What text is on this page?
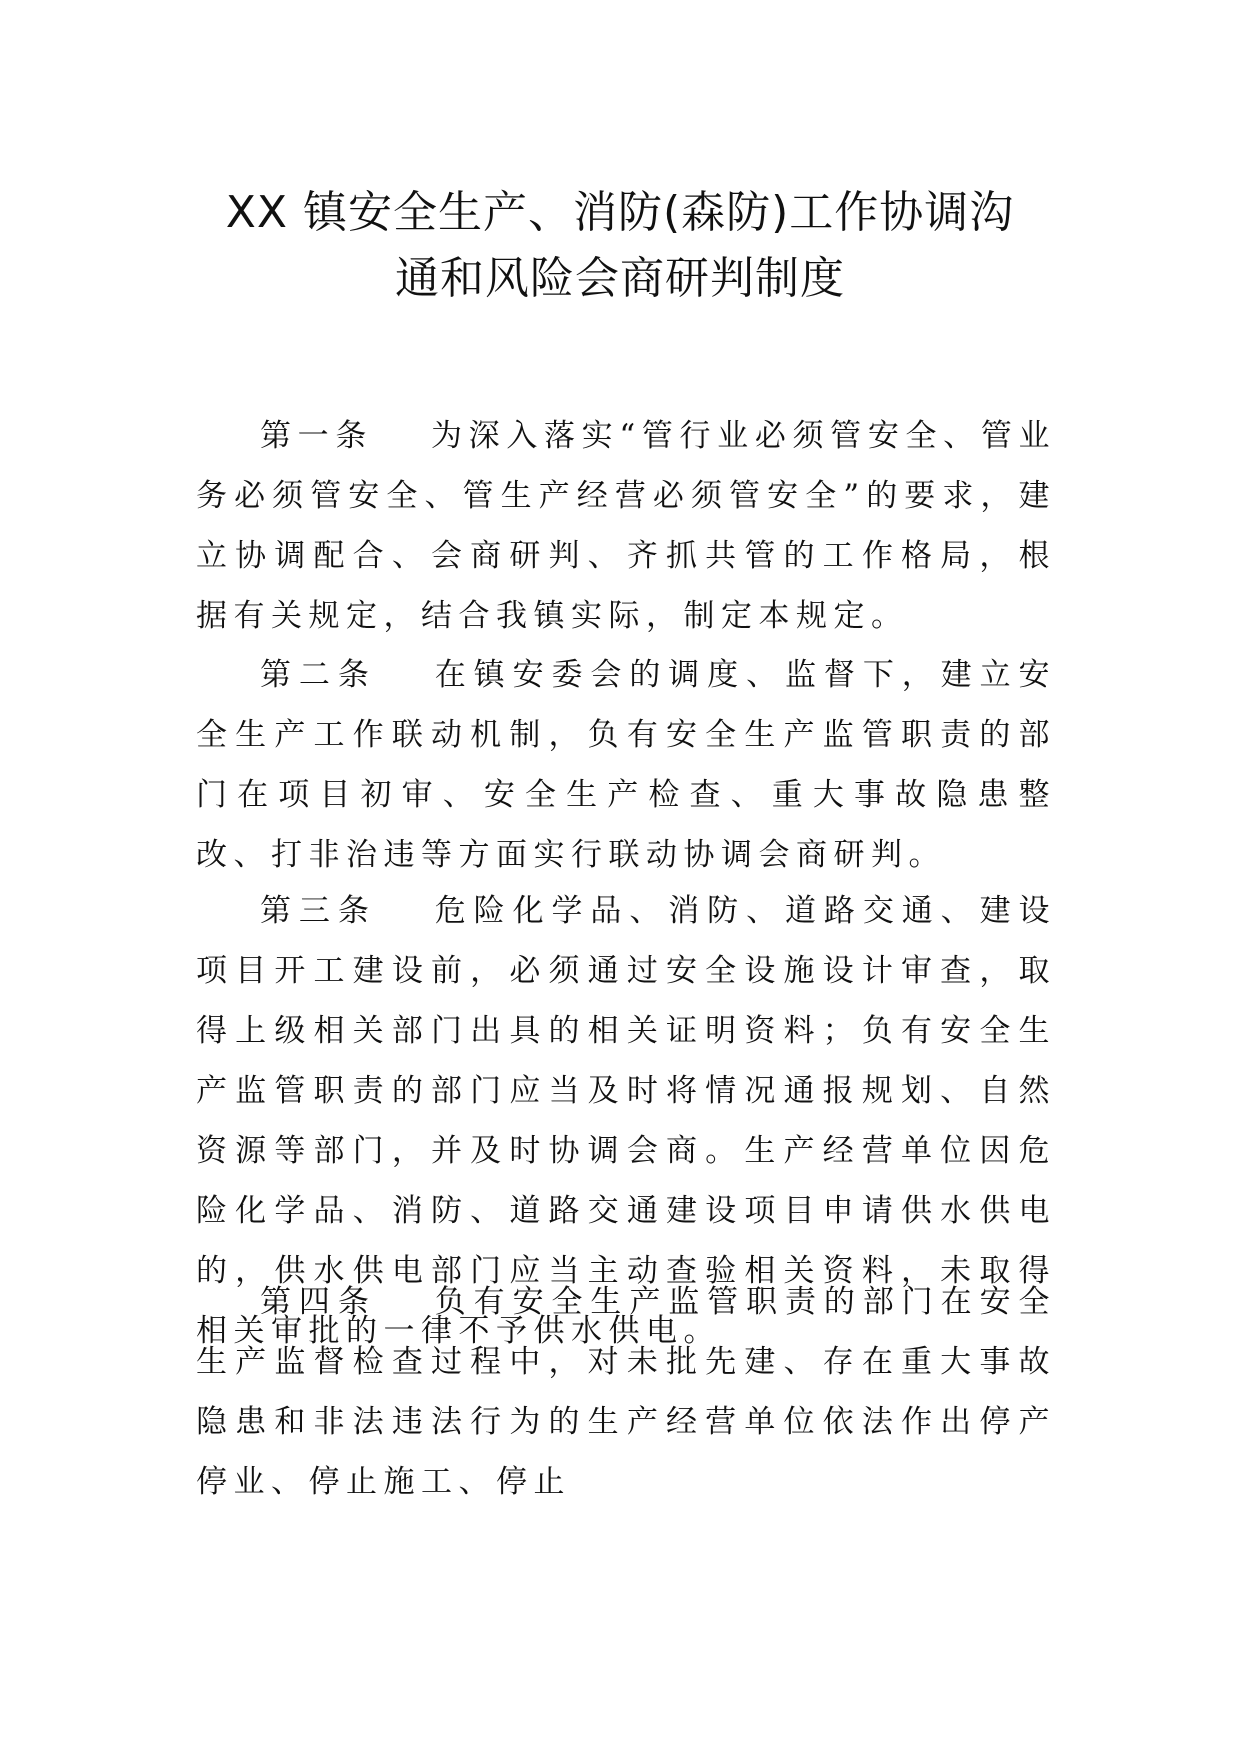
XX 镇安全生产、消防(森防)工作协调沟
通和风险会商研判制度

第一条 为深入落实“管行业必须管安全、管业务必须管安全、管生产经营必须管安全”的要求，建立协调配合、会商研判、齐抓共管的工作格局，根据有关规定，结合我镇实际，制定本规定。

第二条 在镇安委会的调度、监督下，建立安全生产工作联动机制，负有安全生产监管职责的部门在项目初审、安全生产检查、重大事故隐患整改、打非治违等方面实行联动协调会商研判。

第三条 危险化学品、消防、道路交通、建设项目开工建设前，必须通过安全设施设计审查，取得上级相关部门出具的相关证明资料；负有安全生产监管职责的部门应当及时将情况通报规划、自然资源等部门，并及时协调会商。生产经营单位因危险化学品、消防、道路交通建设项目申请供水供电的，供水供电部门应当主动查验相关资料，未取得相关审批的一律不予供水供电。

第四条 负有安全生产监管职责的部门在安全生产监督检查过程中，对未批先建、存在重大事故隐患和非法违法行为的生产经营单位依法作出停产停业、停止施工、停止
